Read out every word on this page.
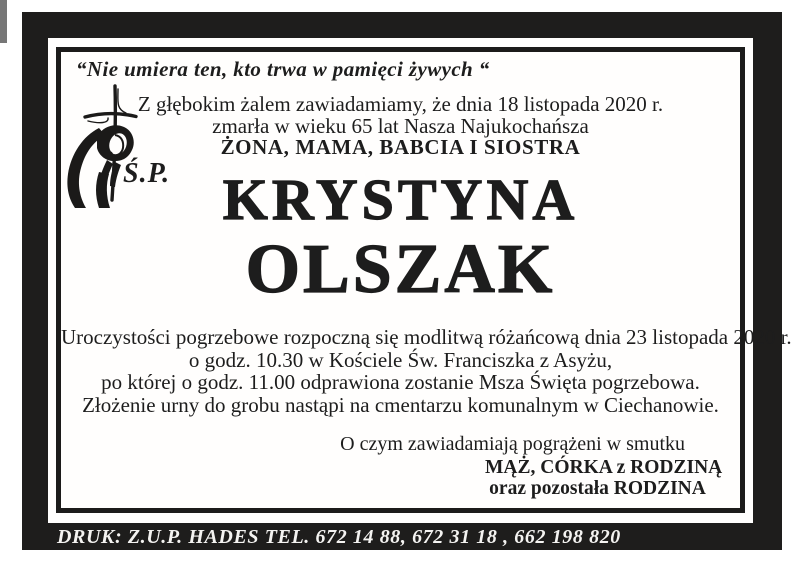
“Nie umiera ten, kto trwa w pamięci żywych “
Ś.P.
Z głębokim żalem zawiadamiamy, że dnia 18 listopada 2020 r.
zmarła w wieku 65 lat Nasza Najukochańsza
ŻONA, MAMA, BABCIA I SIOSTRA
KRYSTYNA
OLSZAK
Uroczystości pogrzebowe rozpoczną się modlitwą różańcową dnia 23 listopada 2020 r.
o godz. 10.30 w Kościele Św. Franciszka z Asyżu,
po której o godz. 11.00 odprawiona zostanie Msza Święta pogrzebowa.
Złożenie urny do grobu nastąpi na cmentarzu komunalnym w Ciechanowie.
O czym zawiadamiają pogrążeni w smutku
MĄŻ, CÓRKA z RODZINĄ
oraz pozostała RODZINA
DRUK: Z.U.P. HADES TEL. 672 14 88, 672 31 18 , 662 198 820
